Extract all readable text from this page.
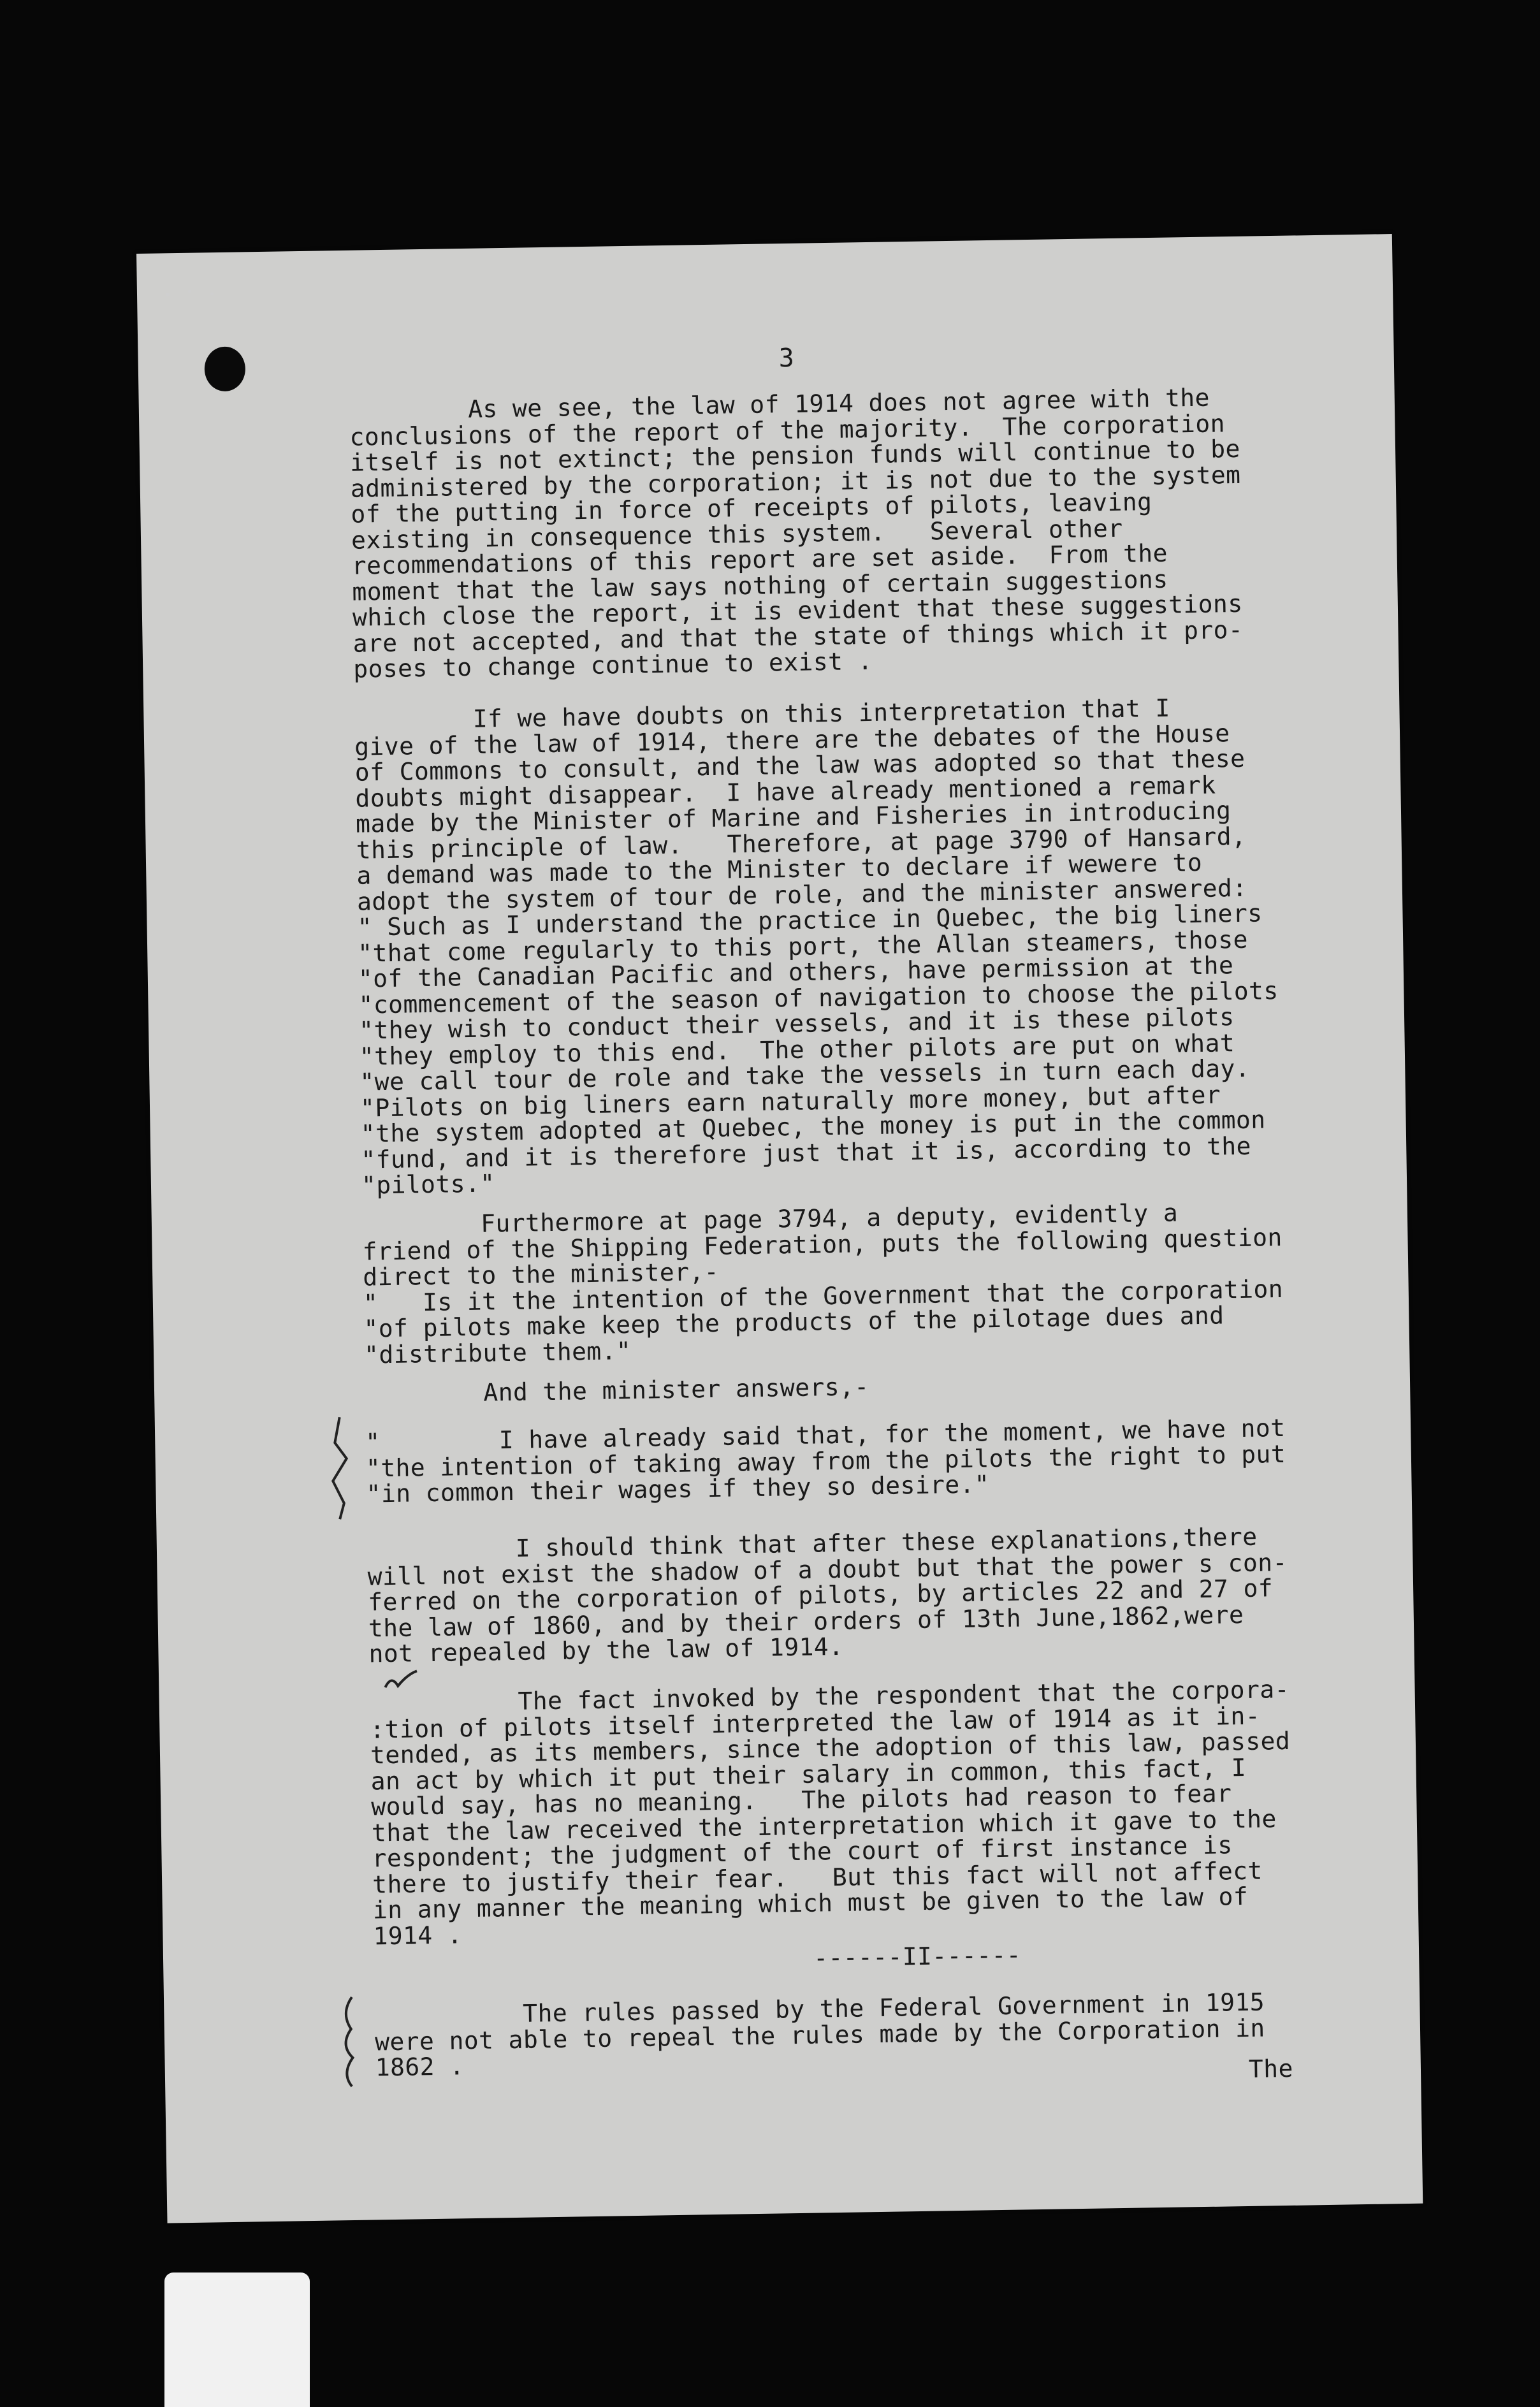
3
As we see, the law of 1914 does not agree with the
conclusions of the report of the majority.  The corporation
itself is not extinct; the pension funds will continue to be
administered by the corporation; it is not due to the system
of the putting in force of receipts of pilots, leaving
existing in consequence this system.   Several other
recommendations of this report are set aside.  From the
moment that the law says nothing of certain suggestions
which close the report, it is evident that these suggestions
are not accepted, and that the state of things which it pro-
poses to change continue to exist .
If we have doubts on this interpretation that I
give of the law of 1914, there are the debates of the House
of Commons to consult, and the law was adopted so that these
doubts might disappear.  I have already mentioned a remark
made by the Minister of Marine and Fisheries in introducing
this principle of law.   Therefore, at page 3790 of Hansard,
a demand was made to the Minister to declare if wewere to
adopt the system of tour de role, and the minister answered:
" Such as I understand the practice in Quebec, the big liners
"that come regularly to this port, the Allan steamers, those
"of the Canadian Pacific and others, have permission at the
"commencement of the season of navigation to choose the pilots
"they wish to conduct their vessels, and it is these pilots
"they employ to this end.  The other pilots are put on what
"we call tour de role and take the vessels in turn each day.
"Pilots on big liners earn naturally more money, but after
"the system adopted at Quebec, the money is put in the common
"fund, and it is therefore just that it is, according to the
"pilots."
Furthermore at page 3794, a deputy, evidently a
friend of the Shipping Federation, puts the following question
direct to the minister,-
"   Is it the intention of the Government that the corporation
"of pilots make keep the products of the pilotage dues and
"distribute them."
And the minister answers,-
"        I have already said that, for the moment, we have not
"the intention of taking away from the pilots the right to put
"in common their wages if they so desire."
I should think that after these explanations,there
will not exist the shadow of a doubt but that the power s con-
ferred on the corporation of pilots, by articles 22 and 27 of
the law of 1860, and by their orders of 13th June,1862,were
not repealed by the law of 1914.
The fact invoked by the respondent that the corpora-
:tion of pilots itself interpreted the law of 1914 as it in-
tended, as its members, since the adoption of this law, passed
an act by which it put their salary in common, this fact, I
would say, has no meaning.   The pilots had reason to fear
that the law received the interpretation which it gave to the
respondent; the judgment of the court of first instance is
there to justify their fear.   But this fact will not affect
in any manner the meaning which must be given to the law of
1914 .
------II------
The rules passed by the Federal Government in 1915
were not able to repeal the rules made by the Corporation in
1862 .	The
